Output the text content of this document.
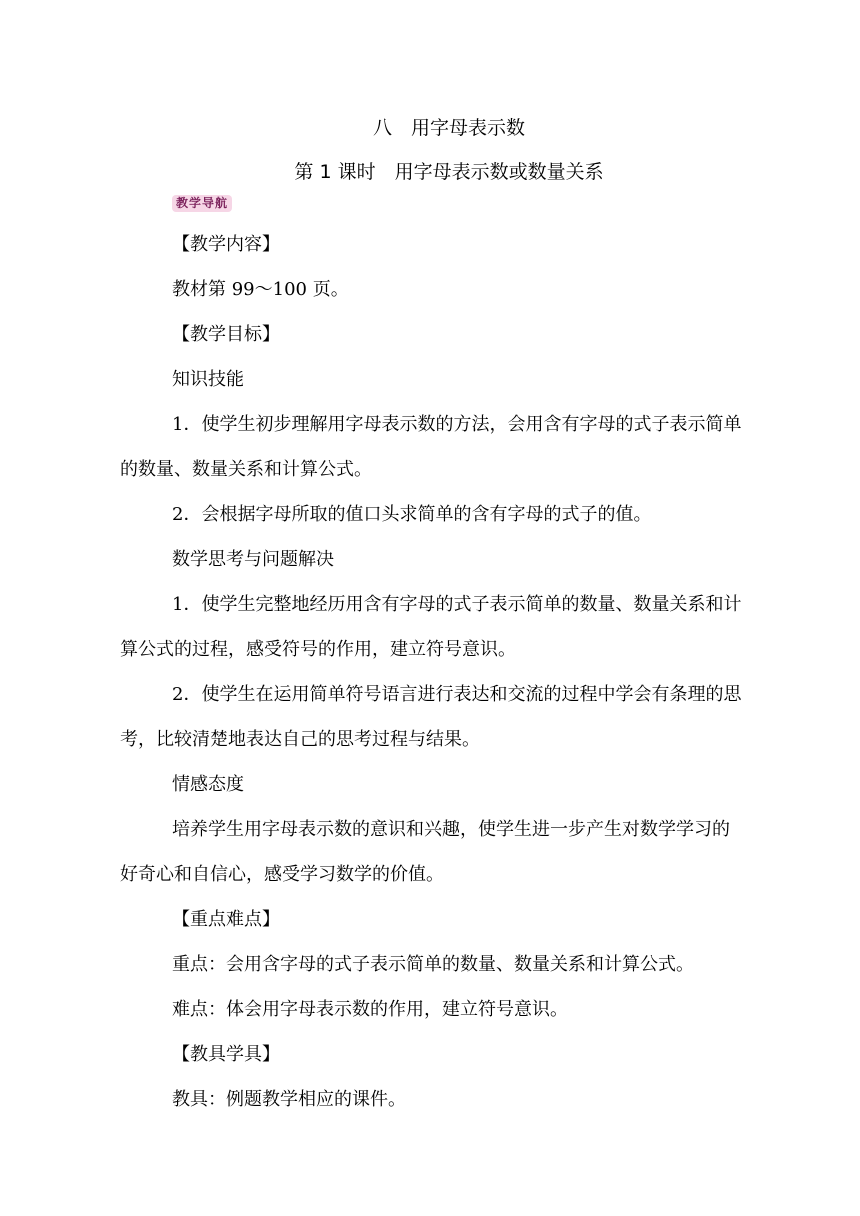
八　用字母表示数
第 1 课时　用字母表示数或数量关系
教学导航

【教学内容】

教材第 99～100 页。

【教学目标】

知识技能

1．使学生初步理解用字母表示数的方法，会用含有字母的式子表示简单的数量、数量关系和计算公式。

2．会根据字母所取的值口头求简单的含有字母的式子的值。

数学思考与问题解决

1．使学生完整地经历用含有字母的式子表示简单的数量、数量关系和计算公式的过程，感受符号的作用，建立符号意识。

2．使学生在运用简单符号语言进行表达和交流的过程中学会有条理的思考，比较清楚地表达自己的思考过程与结果。

情感态度

培养学生用字母表示数的意识和兴趣，使学生进一步产生对数学学习的好奇心和自信心，感受学习数学的价值。

【重点难点】

重点：会用含字母的式子表示简单的数量、数量关系和计算公式。

难点：体会用字母表示数的作用，建立符号意识。

【教具学具】

教具：例题教学相应的课件。
